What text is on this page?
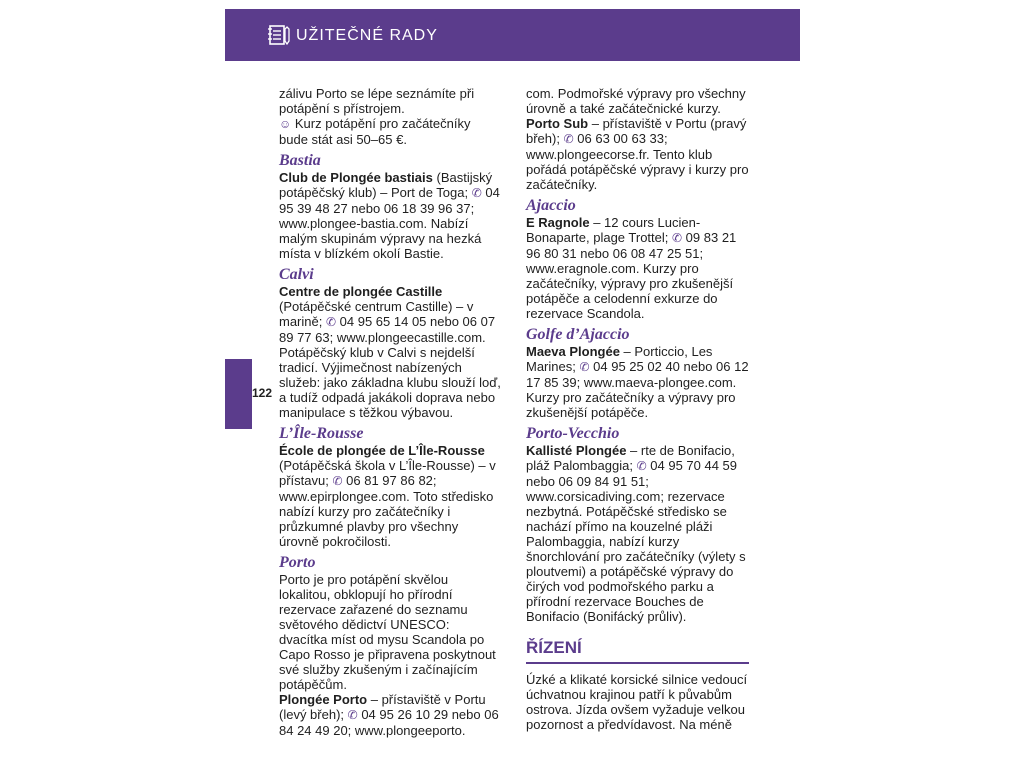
UŽITEČNÉ RADY
122

zálivu Porto se lépe seznámíte při
potápění s přístrojem.
☺ Kurz potápění pro začátečníky bude stát asi 50–65 €.

Bastia

Club de Plongée bastiais (Bastijský potápěčský klub) – Port de Toga; ✆ 04 95 39 48 27 nebo 06 18 39 96 37; www.plongee-bastia.com. Nabízí malým skupinám výpravy na hezká místa v blízkém okolí Bastie.

Calvi

Centre de plongée Castille (Potápěčské centrum Castille) – v marině; ✆ 04 95 65 14 05 nebo 06 07 89 77 63; www.plongeecastille.com. Potápěčský klub v Calvi s nejdelší tradicí. Výjimečnost nabízených služeb: jako základna klubu slouží loď, a tudíž odpadá jakákoli doprava nebo manipulace s těžkou výbavou.

L’Île-Rousse

École de plongée de L’Île-Rousse (Potápěčská škola v L’Île-Rousse) – v přístavu; ✆ 06 81 97 86 82; www.epirplongee.com. Toto středisko nabízí kurzy pro začátečníky i průzkumné plavby pro všechny úrovně pokročilosti.

Porto

Porto je pro potápění skvělou lokalitou, obklopují ho přírodní rezervace zařazené do seznamu světového dědictví UNESCO: dvacítka míst od mysu Scandola po Capo Rosso je připravena poskytnout své služby zkušeným i začínajícím potápěčům.

Plongée Porto – přístaviště v Portu (levý břeh); ✆ 04 95 26 10 29 nebo 06 84 24 49 20; www.plongeeporto.

com. Podmořské výpravy pro všechny úrovně a také začátečnické kurzy.

Porto Sub – přístaviště v Portu (pravý břeh); ✆ 06 63 00 63 33; www.plongeecorse.fr. Tento klub pořádá potápěčské výpravy i kurzy pro začátečníky.

Ajaccio

E Ragnole – 12 cours Lucien-Bonaparte, plage Trottel; ✆ 09 83 21 96 80 31 nebo 06 08 47 25 51; www.eragnole.com. Kurzy pro začátečníky, výpravy pro zkušenější potápěče a celodenní exkurze do rezervace Scandola.

Golfe d’Ajaccio

Maeva Plongée – Porticcio, Les Marines; ✆ 04 95 25 02 40 nebo 06 12 17 85 39; www.maeva-plongee.com. Kurzy pro začátečníky a výpravy pro zkušenější potápěče.

Porto-Vecchio

Kallisté Plongée – rte de Bonifacio, pláž Palombaggia; ✆ 04 95 70 44 59 nebo 06 09 84 91 51; www.corsicadiving.com; rezervace nezbytná. Potápěčské středisko se nachází přímo na kouzelné pláži Palombaggia, nabízí kurzy šnorchlování pro začátečníky (výlety s ploutvemi) a potápěčské výpravy do čirých vod podmořského parku a přírodní rezervace Bouches de Bonifacio (Bonifácký průliv).

ŘÍZENÍ

Úzké a klikaté korsické silnice vedoucí úchvatnou krajinou patří k půvabům ostrova. Jízda ovšem vyžaduje velkou pozornost a předvídavost. Na méně
